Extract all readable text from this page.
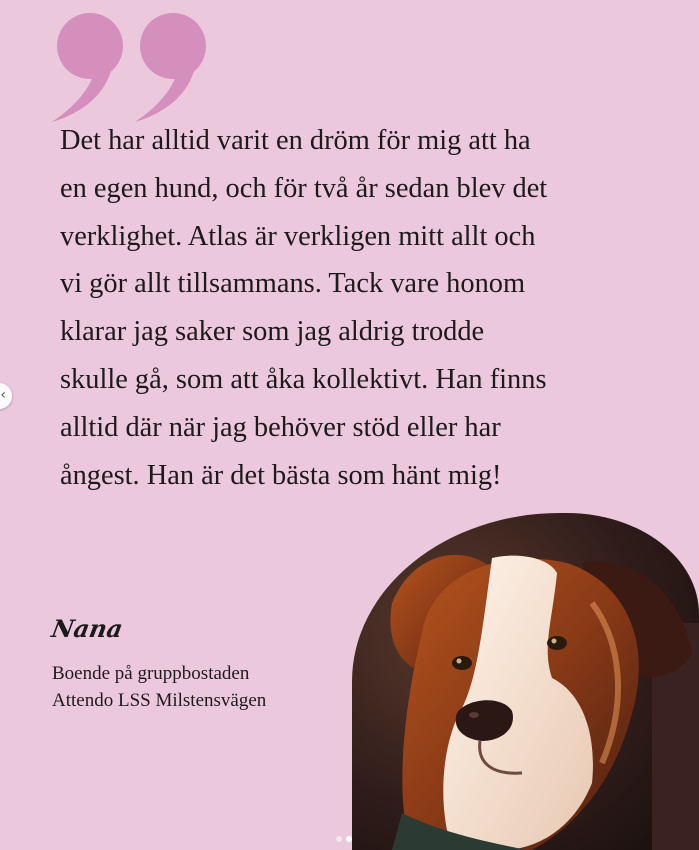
Det har alltid varit en dröm för mig att ha
en egen hund, och för två år sedan blev det
verklighet. Atlas är verkligen mitt allt och
vi gör allt tillsammans. Tack vare honom
klarar jag saker som jag aldrig trodde
skulle gå, som att åka kollektivt. Han finns
alltid där när jag behöver stöd eller har
ångest. Han är det bästa som hänt mig!

Nana
Boende på gruppbostaden
Attendo LSS Milstensvägen
‹
